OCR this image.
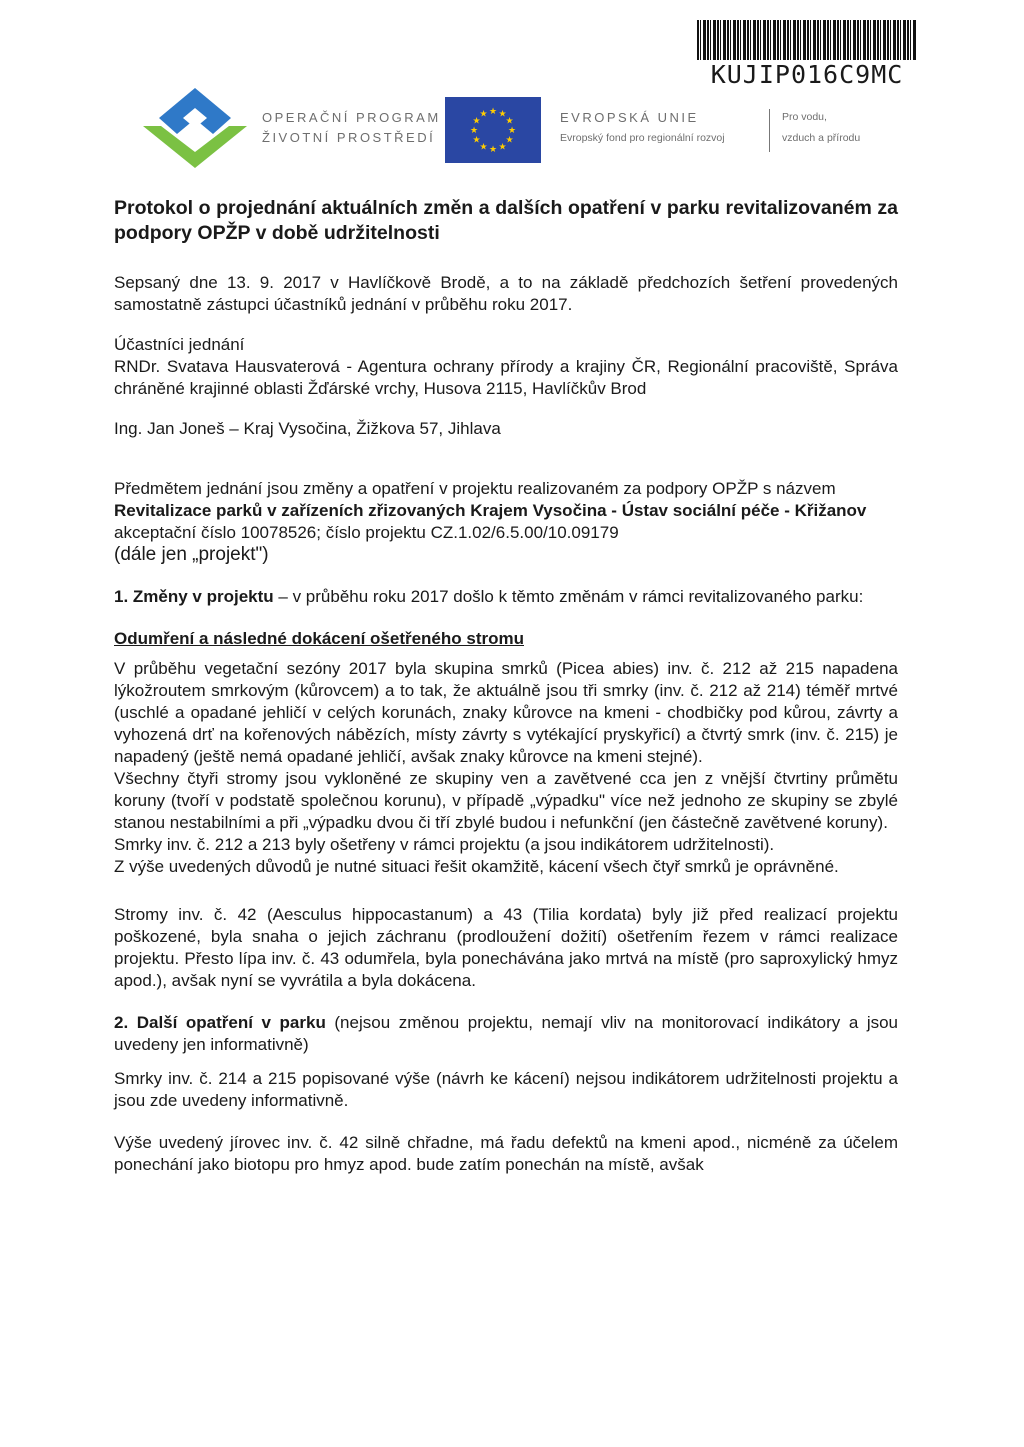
KUJIP016C9MC
OPERAČNÍ PROGRAM
ŽIVOTNÍ PROSTŘEDÍ
★ ★
★
★
★
★
★
★
★
★
★
★	EVROPSKÁ UNIE
Evropský fond pro regionální rozvoj
Pro vodu,
vzduch a přírodu

Protokol o projednání aktuálních změn a dalších opatření v parku revitalizovaném za podpory OPŽP v době udržitelnosti

Sepsaný dne 13. 9. 2017 v Havlíčkově Brodě, a to na základě předchozích šetření provedených samostatně zástupci účastníků jednání v průběhu roku 2017.

Účastníci jednání

RNDr. Svatava Hausvaterová - Agentura ochrany přírody a krajiny ČR, Regionální pracoviště, Správa chráněné krajinné oblasti Žďárské vrchy, Husova 2115, Havlíčkův Brod

Ing. Jan Joneš – Kraj Vysočina, Žižkova 57, Jihlava

Předmětem jednání jsou změny a opatření v projektu realizovaném za podpory OPŽP s názvem

Revitalizace parků v zařízeních zřizovaných Krajem Vysočina - Ústav sociální péče - Křižanov

akceptační číslo 10078526; číslo projektu CZ.1.02/6.5.00/10.09179

(dále jen „projekt")

1. Změny v projektu – v průběhu roku 2017 došlo k těmto změnám v rámci revitalizovaného parku:

Odumření a následné dokácení ošetřeného stromu

V průběhu vegetační sezóny 2017 byla skupina smrků (Picea abies) inv. č. 212 až 215 napadena lýkožroutem smrkovým (kůrovcem) a to tak, že aktuálně jsou tři smrky (inv. č. 212 až 214) téměř mrtvé (uschlé a opadané jehličí v celých korunách, znaky kůrovce na kmeni - chodbičky pod kůrou, závrty a vyhozená drť na kořenových nábězích, místy závrty s vytékající pryskyřicí) a čtvrtý smrk (inv. č. 215) je napadený (ještě nemá opadané jehličí, avšak znaky kůrovce na kmeni stejné).

Všechny čtyři stromy jsou vykloněné ze skupiny ven a zavětvené cca jen z vnější čtvrtiny průmětu koruny (tvoří v podstatě společnou korunu), v případě „výpadku" více než jednoho ze skupiny se zbylé stanou nestabilními a při „výpadku dvou či tří zbylé budou i nefunkční (jen částečně zavětvené koruny).

Smrky inv. č. 212 a 213 byly ošetřeny v rámci projektu (a jsou indikátorem udržitelnosti).

Z výše uvedených důvodů je nutné situaci řešit okamžitě, kácení všech čtyř smrků je oprávněné.

Stromy inv. č. 42 (Aesculus hippocastanum) a 43 (Tilia kordata) byly již před realizací projektu poškozené, byla snaha o jejich záchranu (prodloužení dožití) ošetřením řezem v rámci realizace projektu. Přesto lípa inv. č. 43 odumřela, byla ponechávána jako mrtvá na místě (pro saproxylický hmyz apod.), avšak nyní se vyvrátila a byla dokácena.

2. Další opatření v parku (nejsou změnou projektu, nemají vliv na monitorovací indikátory a jsou uvedeny jen informativně)

Smrky inv. č. 214 a 215 popisované výše (návrh ke kácení) nejsou indikátorem udržitelnosti projektu a jsou zde uvedeny informativně.

Výše uvedený jírovec inv. č. 42 silně chřadne, má řadu defektů na kmeni apod., nicméně za účelem ponechání jako biotopu pro hmyz apod. bude zatím ponechán na místě, avšak
